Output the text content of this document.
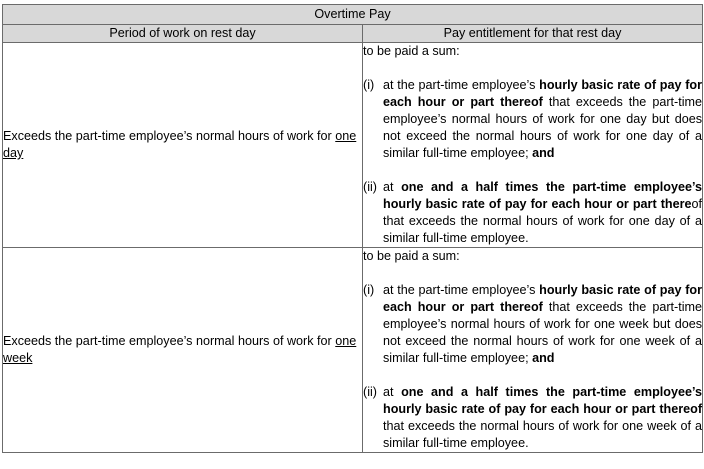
Overtime Pay	
Period of work on rest day	Pay entitlement for that rest day
Exceeds the part-time employee’s normal hours of work for one day	to be paid a sum:

(i) at the part-time employee’s hourly basic rate of pay for each hour or part thereof that exceeds the part-time employee’s normal hours of work for one day but does not exceed the normal hours of work for one day of a similar full-time employee; and
(ii) at one and a half times the part-time employee’s hourly basic rate of pay for each hour or part thereof that exceeds the normal hours of work for one day of a similar full-time employee.

Exceeds the part-time employee’s normal hours of work for one week	to be paid a sum:

(i) at the part-time employee’s hourly basic rate of pay for each hour or part thereof that exceeds the part-time employee’s normal hours of work for one week but does not exceed the normal hours of work for one week of a similar full-time employee; and
(ii) at one and a half times the part-time employee’s hourly basic rate of pay for each hour or part thereof that exceeds the normal hours of work for one week of a similar full-time employee.
